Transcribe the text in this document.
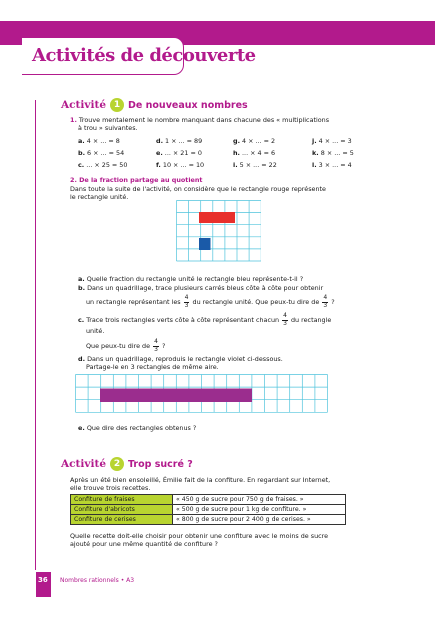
Activités de découverte
Activité 1 De nouveaux nombres
1. Trouve mentalement le nombre manquant dans chacune des « multiplications
à trou » suivantes.
a. 4 × ... = 8	d. 1 × ... = 89	g. 4 × ... = 2	j. 4 × ... = 3
b. 6 × ... = 54	e. ... × 21 = 0	h. ... × 4 = 6	k. 8 × ... = 5
c. ... × 25 = 50	f. 10 × ... = 10	i. 5 × ... = 22	l. 3 × ... = 4
2. De la fraction partage au quotient
Dans toute la suite de l'activité, on considère que le rectangle rouge représente
le rectangle unité.
a. Quelle fraction du rectangle unité le rectangle bleu représente-t-il ?
b. Dans un quadrillage, trace plusieurs carrés bleus côte à côte pour obtenir
un rectangle représentant les $\frac{4}{3}$ du rectangle unité. Que peux-tu dire de $\frac{4}{3}$ ?
c. Trace trois rectangles verts côte à côte représentant chacun $\frac{4}{3}$ du rectangle
unité.
Que peux-tu dire de $\frac{4}{3}$ ?
d. Dans un quadrillage, reproduis le rectangle violet ci-dessous.
Partage-le en 3 rectangles de même aire.
e. Que dire des rectangles obtenus ?
Activité 2 Trop sucré ?
Après un été bien ensoleillé, Émilie fait de la confiture. En regardant sur Internet,
elle trouve trois recettes.
Confiture de fraises	« 450 g de sucre pour 750 g de fraises. »
Confiture d'abricots	« 500 g de sucre pour 1 kg de confiture. »
Confiture de cerises	« 800 g de sucre pour 2 400 g de cerises. »
Quelle recette doit-elle choisir pour obtenir une confiture avec le moins de sucre
ajouté pour une même quantité de confiture ?
36 Nombres rationnels • A3
